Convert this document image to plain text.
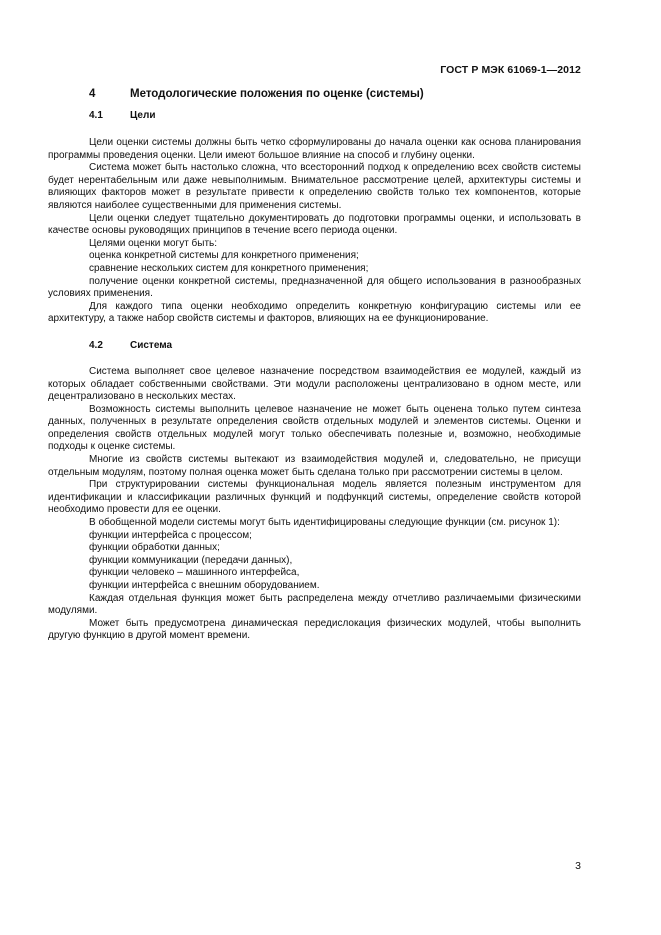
ГОСТ Р МЭК 61069-1—2012
4	Методологические положения по оценке (системы)
4.1	Цели

Цели оценки системы должны быть четко сформулированы до начала оценки как основа планирования программы проведения оценки. Цели имеют большое влияние на способ и глубину оценки.

Система может быть настолько сложна, что всесторонний подход к определению всех свойств системы будет нерентабельным или даже невыполнимым. Внимательное рассмотрение целей, архитектуры системы и влияющих факторов может в результате привести к определению свойств только тех компонентов, которые являются наиболее существенными для применения системы.

Цели оценки следует тщательно документировать до подготовки программы оценки, и использовать в качестве основы руководящих принципов в течение всего периода оценки.

Целями оценки могут быть:

оценка конкретной системы для конкретного применения;

сравнение нескольких систем для конкретного применения;

получение оценки конкретной системы, предназначенной для общего использования в разнообразных условиях применения.

Для каждого типа оценки необходимо определить конкретную конфигурацию системы или ее архитектуру, а также набор свойств системы и факторов, влияющих на ее функционирование.

4.2	Система

Система выполняет свое целевое назначение посредством взаимодействия ее модулей, каждый из которых обладает собственными свойствами. Эти модули расположены централизовано в одном месте, или децентрализовано в нескольких местах.

Возможность системы выполнить целевое назначение не может быть оценена только путем синтеза данных, полученных в результате определения свойств отдельных модулей и элементов системы. Оценки и определения свойств отдельных модулей могут только обеспечивать полезные и, возможно, необходимые подходы к оценке системы.

Многие из свойств системы вытекают из взаимодействия модулей и, следовательно, не присущи отдельным модулям, поэтому полная оценка может быть сделана только при рассмотрении системы в целом.

При структурировании системы функциональная модель является полезным инструментом для идентификации и классификации различных функций и подфункций системы, определение свойств которой необходимо провести для ее оценки.

В обобщенной модели системы могут быть идентифицированы следующие функции (см. рисунок 1):

функции интерфейса с процессом;

функции обработки данных;

функции коммуникации (передачи данных),

функции человеко – машинного интерфейса,

функции интерфейса с внешним оборудованием.

Каждая отдельная функция может быть распределена между отчетливо различаемыми физическими модулями.

Может быть предусмотрена динамическая передислокация физических модулей, чтобы выполнить другую функцию в другой момент времени.

3
